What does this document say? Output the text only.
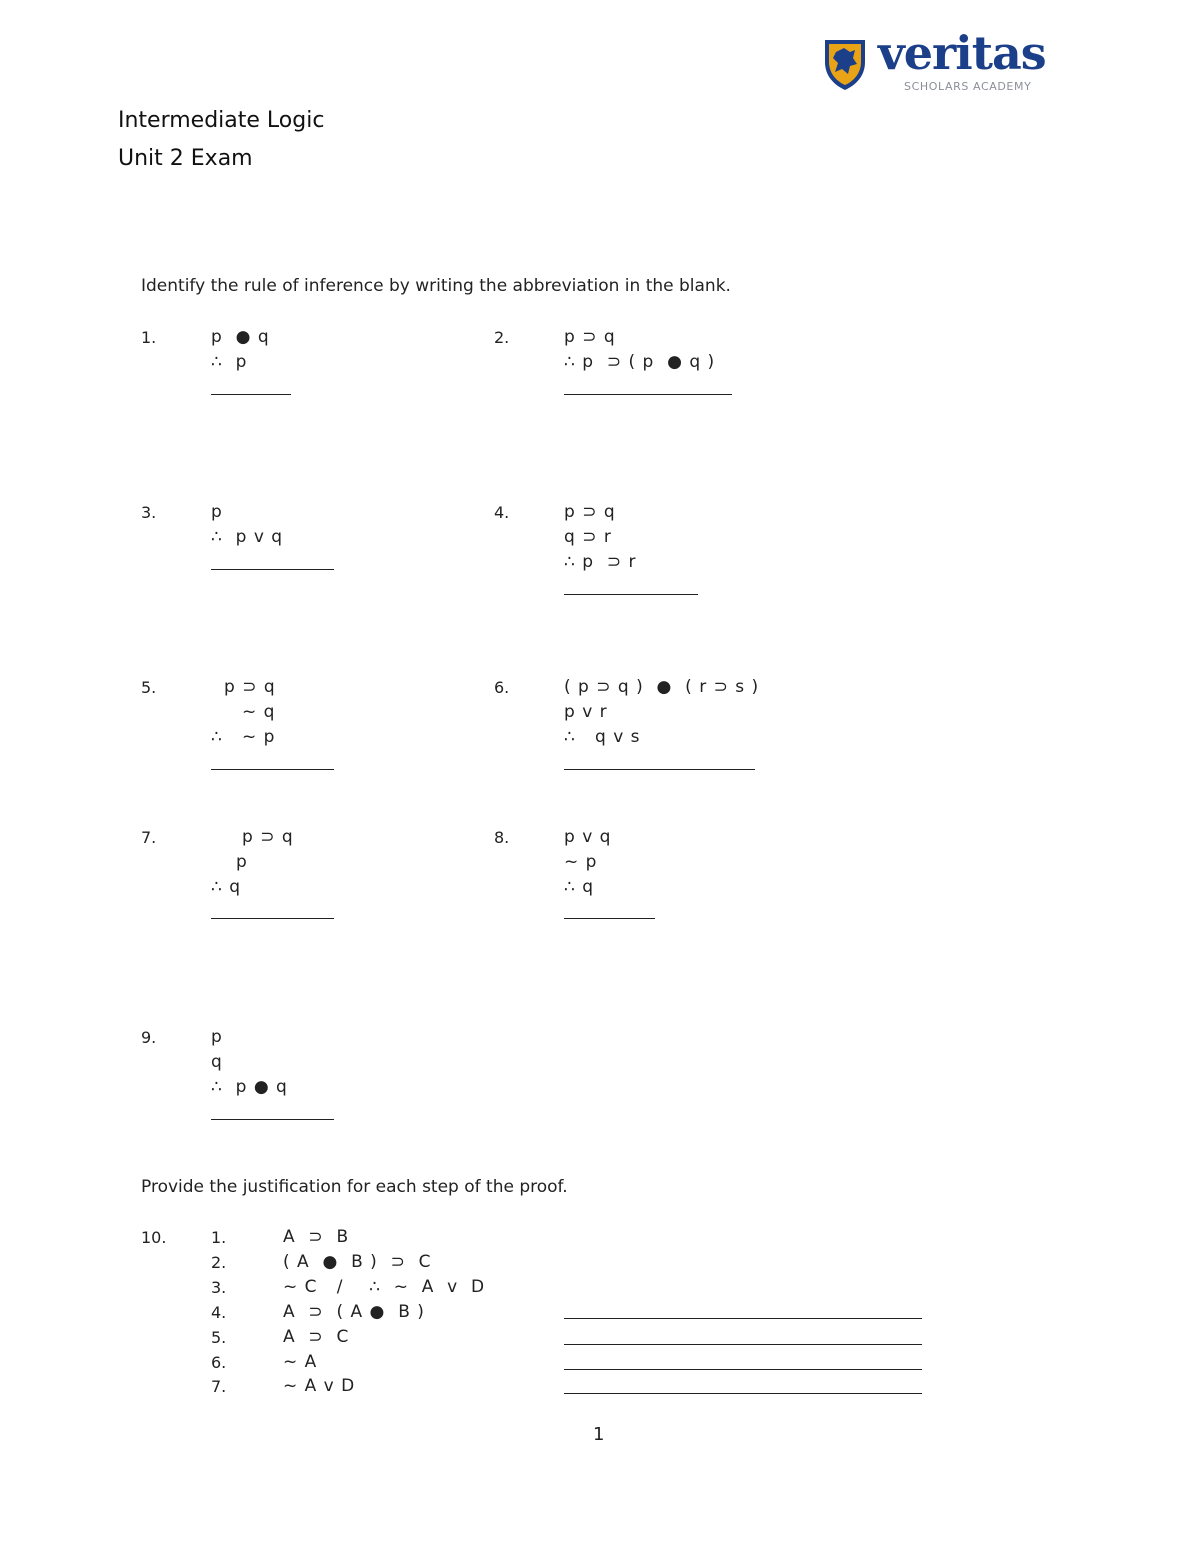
veritas
SCHOLARS ACADEMY
Intermediate Logic
Unit 2 Exam
Identify the rule of inference by writing the abbreviation in the blank.
1.	p  ● q
∴  p
2.	p ⊃ q
∴ p  ⊃ ( p  ● q )
3.	p
∴  p v q
4.	p ⊃ q
q ⊃ r
∴ p  ⊃ r
5.	p ⊃ q
~ q
∴   ~ p
6.	( p ⊃ q )  ●  ( r ⊃ s )
p v r
∴   q v s
7.	p ⊃ q
p
∴ q
8.	p v q
~ p
∴ q
9.	p
q
∴  p ● q
Provide the justification for each step of the proof.
10.	1.	A  ⊃  B
2.	( A  ●  B )  ⊃  C
3.	~ C   /    ∴  ~  A  v  D
4.	A  ⊃  ( A ●  B )
5.	A  ⊃  C
6.	~ A
7.	~ A v D
1
